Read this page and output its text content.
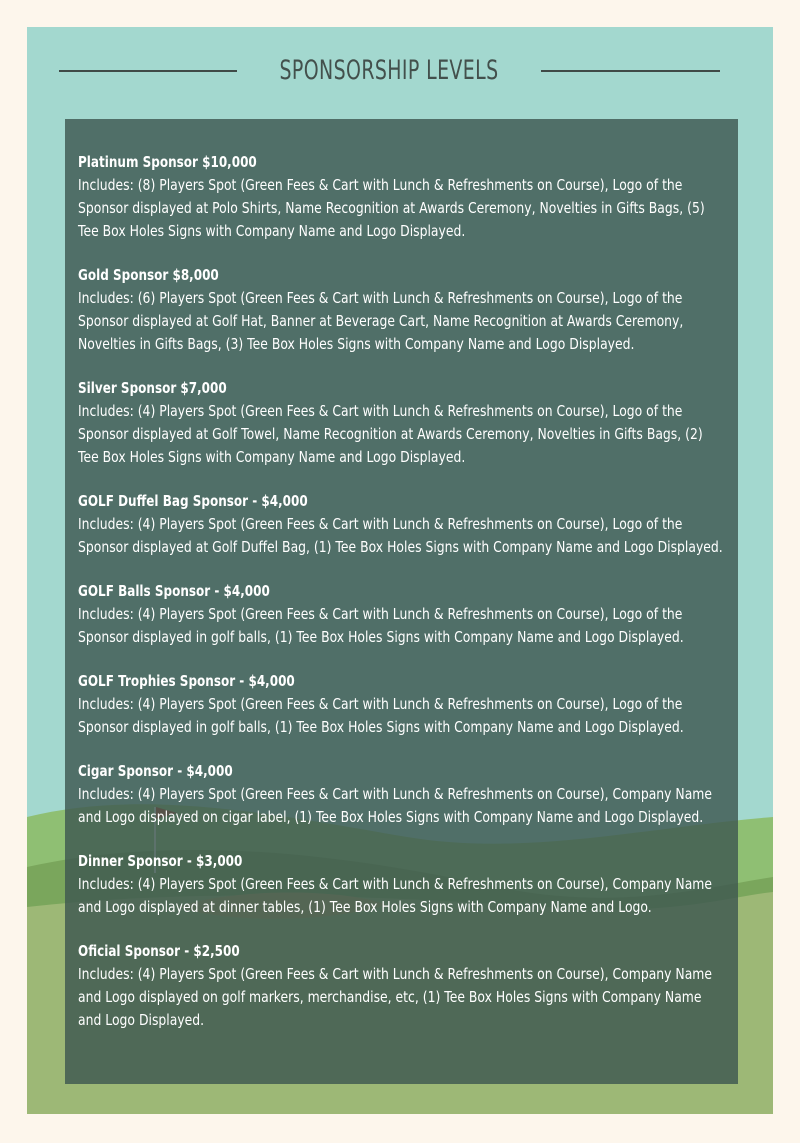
SPONSORSHIP LEVELS
Platinum Sponsor $10,000
Includes: (8) Players Spot (Green Fees & Cart with Lunch & Refreshments on Course), Logo of the Sponsor displayed at Polo Shirts, Name Recognition at Awards Ceremony, Novelties in Gifts Bags, (5) Tee Box Holes Signs with Company Name and Logo Displayed.
Gold Sponsor $8,000
Includes: (6) Players Spot (Green Fees & Cart with Lunch & Refreshments on Course), Logo of the Sponsor displayed at Golf Hat, Banner at Beverage Cart, Name Recognition at Awards Ceremony, Novelties in Gifts Bags, (3) Tee Box Holes Signs with Company Name and Logo Displayed.
Silver Sponsor $7,000
Includes: (4) Players Spot (Green Fees & Cart with Lunch & Refreshments on Course), Logo of the Sponsor displayed at Golf Towel, Name Recognition at Awards Ceremony, Novelties in Gifts Bags, (2) Tee Box Holes Signs with Company Name and Logo Displayed.
GOLF Duffel Bag Sponsor - $4,000
Includes: (4) Players Spot (Green Fees & Cart with Lunch & Refreshments on Course), Logo of the Sponsor displayed at Golf Duffel Bag, (1) Tee Box Holes Signs with Company Name and Logo Displayed.
GOLF Balls Sponsor - $4,000
Includes: (4) Players Spot (Green Fees & Cart with Lunch & Refreshments on Course), Logo of the Sponsor displayed in golf balls, (1) Tee Box Holes Signs with Company Name and Logo Displayed.
GOLF Trophies Sponsor - $4,000
Includes: (4) Players Spot (Green Fees & Cart with Lunch & Refreshments on Course), Logo of the Sponsor displayed in golf balls, (1) Tee Box Holes Signs with Company Name and Logo Displayed.
Cigar Sponsor - $4,000
Includes: (4) Players Spot (Green Fees & Cart with Lunch & Refreshments on Course), Company Name and Logo displayed on cigar label, (1) Tee Box Holes Signs with Company Name and Logo Displayed.
Dinner Sponsor - $3,000
Includes: (4) Players Spot (Green Fees & Cart with Lunch & Refreshments on Course), Company Name and Logo displayed at dinner tables, (1) Tee Box Holes Signs with Company Name and Logo.
Oficial Sponsor - $2,500
Includes: (4) Players Spot (Green Fees & Cart with Lunch & Refreshments on Course), Company Name and Logo displayed on golf markers, merchandise, etc, (1) Tee Box Holes Signs with Company Name and Logo Displayed.
